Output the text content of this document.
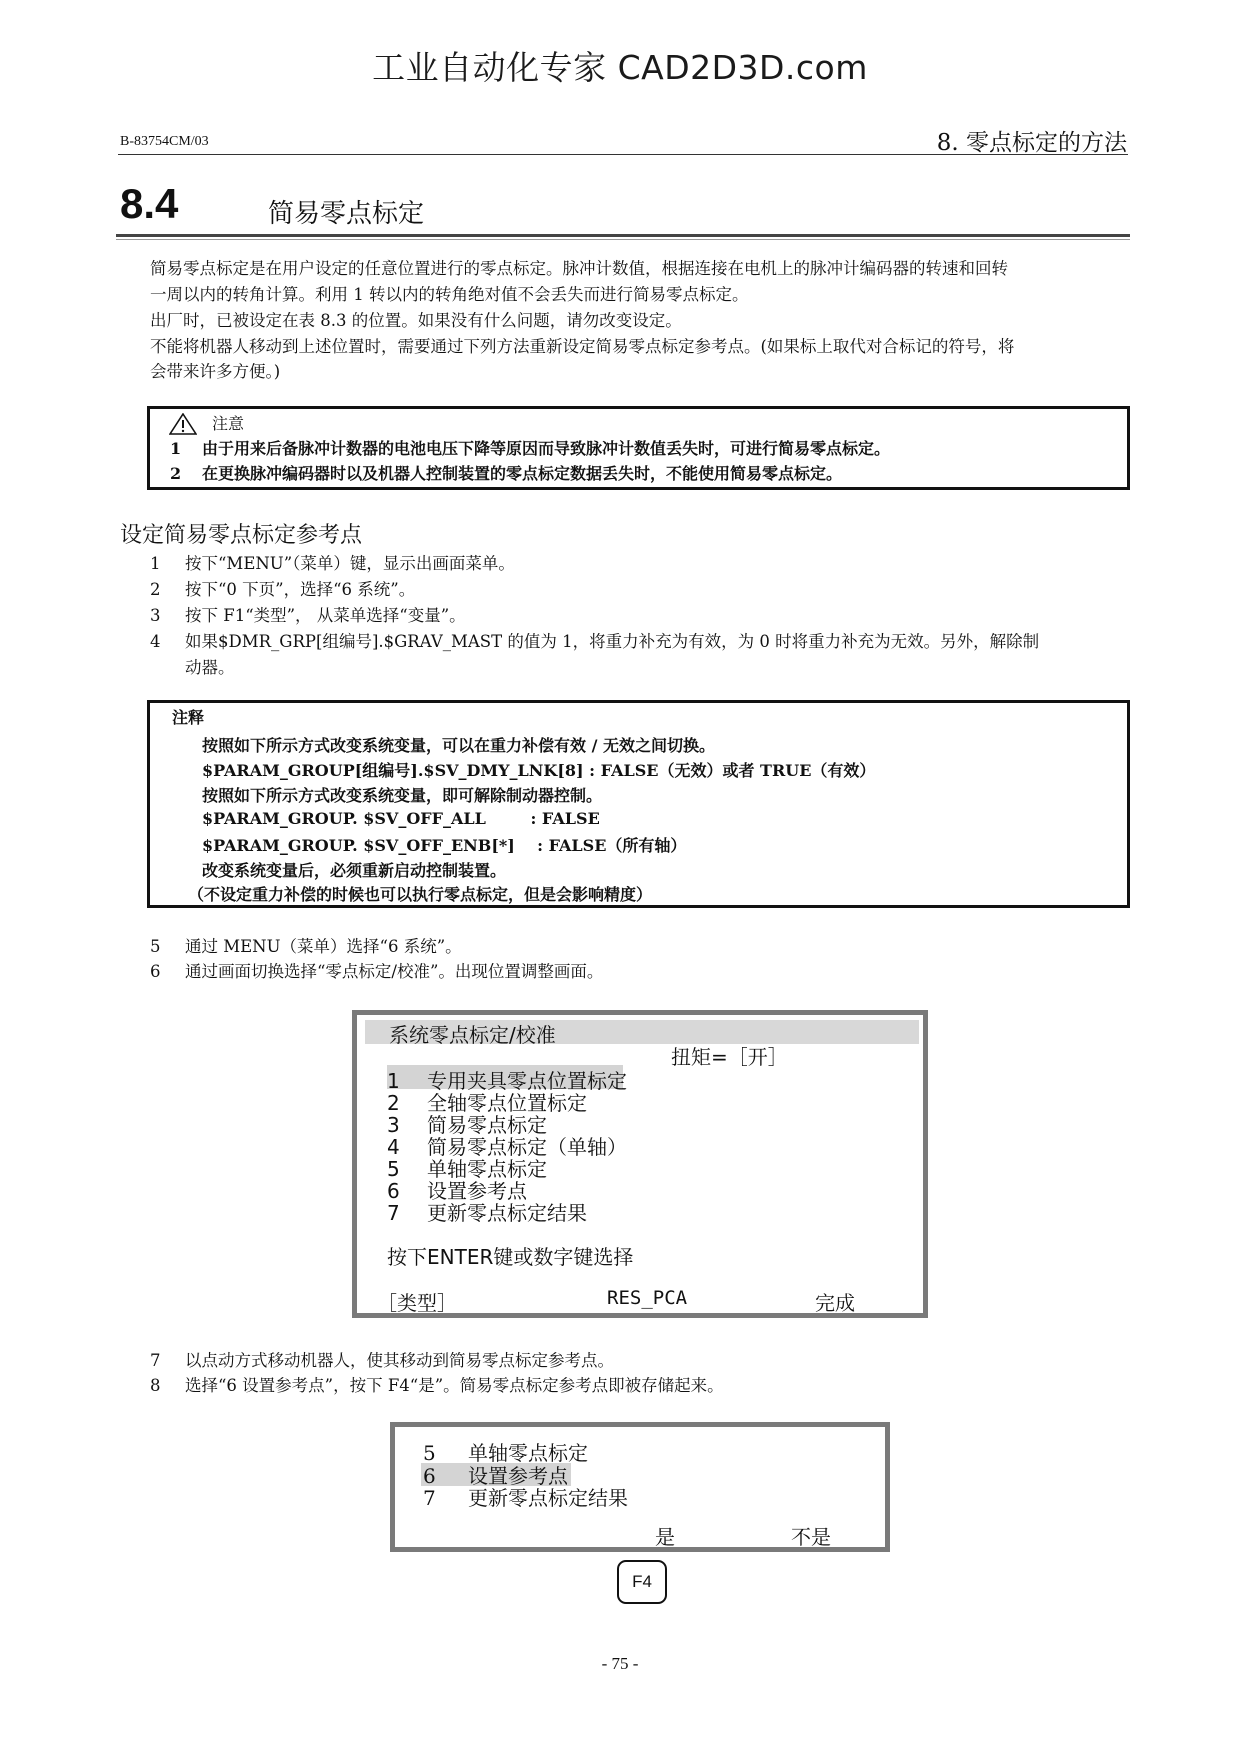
工业自动化专家 CAD2D3D.com
B-83754CM/03	8. 零点标定的方法
8.4	简易零点标定
简易零点标定是在用户设定的任意位置进行的零点标定。脉冲计数值，根据连接在电机上的脉冲计编码器的转速和回转
一周以内的转角计算。利用 1 转以内的转角绝对值不会丢失而进行简易零点标定。
出厂时，已被设定在表 8.3 的位置。如果没有什么问题，请勿改变设定。
不能将机器人移动到上述位置时，需要通过下列方法重新设定简易零点标定参考点。(如果标上取代对合标记的符号，将
会带来许多方便。)
注意
1 由于用来后备脉冲计数器的电池电压下降等原因而导致脉冲计数值丢失时，可进行简易零点标定。
2 在更换脉冲编码器时以及机器人控制装置的零点标定数据丢失时，不能使用简易零点标定。
设定简易零点标定参考点
1 按下“MENU”（菜单）键，显示出画面菜单。
2 按下“0 下页”，选择“6 系统”。
3 按下 F1“类型”， 从菜单选择“变量”。
4 如果$DMR_GRP[组编号].$GRAV_MAST 的值为 1，将重力补充为有效，为 0 时将重力补充为无效。另外，解除制
动器。
注释
按照如下所示方式改变系统变量，可以在重力补偿有效 / 无效之间切换。
$PARAM_GROUP[组编号].$SV_DMY_LNK[8] : FALSE（无效）或者 TRUE（有效）
按照如下所示方式改变系统变量，即可解除制动器控制。
$PARAM_GROUP. $SV_OFF_ALL        : FALSE
$PARAM_GROUP. $SV_OFF_ENB[*]    : FALSE（所有轴）
改变系统变量后，必须重新启动控制装置。
（不设定重力补偿的时候也可以执行零点标定，但是会影响精度）
5 通过 MENU（菜单）选择“6 系统”。
6 通过画面切换选择“零点标定/校准”。出现位置调整画面。
系统零点标定/校准
扭矩=［开］
1 专用夹具零点位置标定
2 全轴零点位置标定
3 简易零点标定
4 简易零点标定（单轴）
5 单轴零点标定
6 设置参考点
7 更新零点标定结果
按下ENTER键或数字键选择
［类型］	RES_PCA	完成
7 以点动方式移动机器人，使其移动到简易零点标定参考点。
8 选择“6 设置参考点”，按下 F4“是”。简易零点标定参考点即被存储起来。
5 单轴零点标定
6 设置参考点
7 更新零点标定结果
是	不是
F4
- 75 -
